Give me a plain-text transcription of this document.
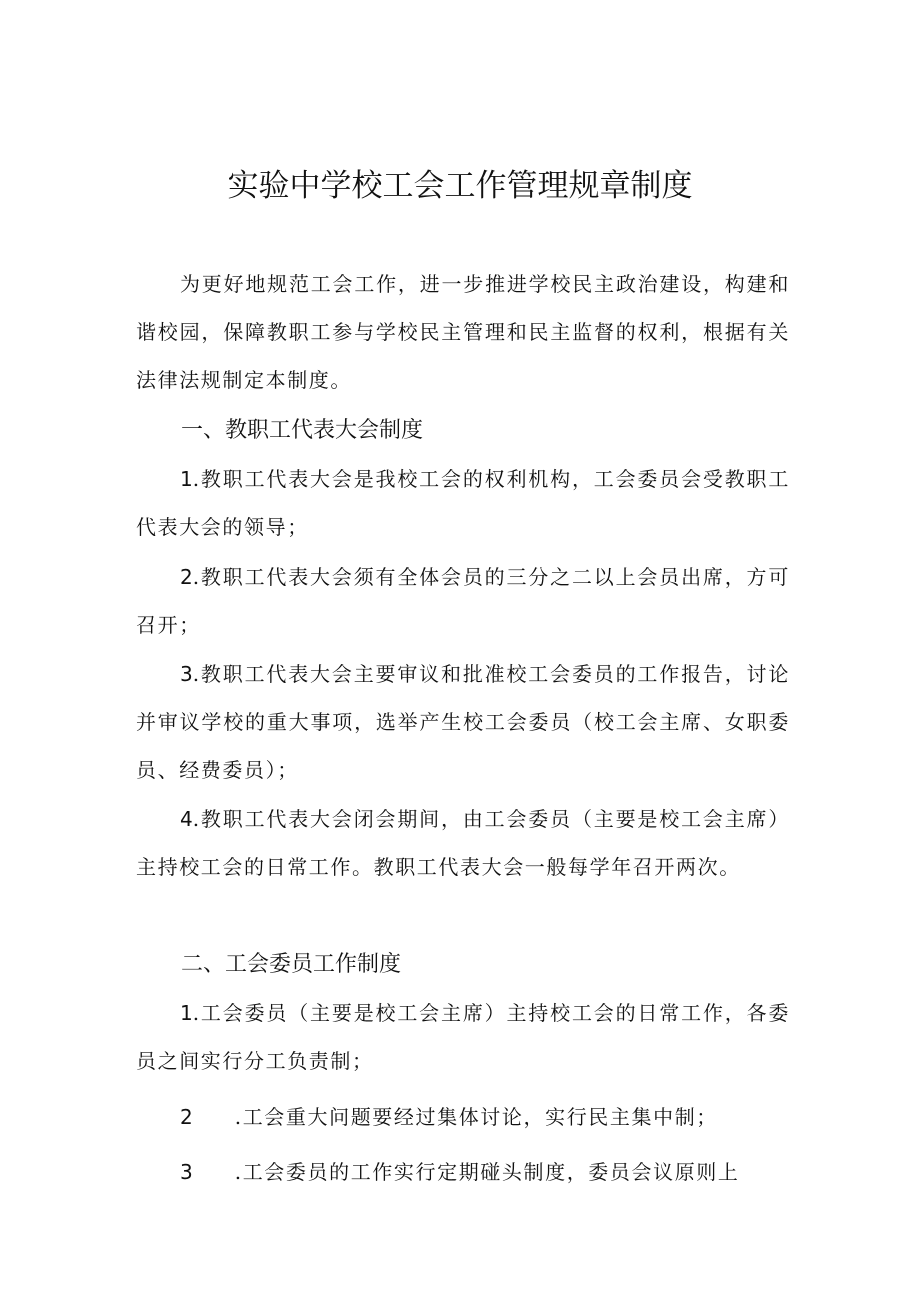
实验中学校工会工作管理规章制度

为更好地规范工会工作，进一步推进学校民主政治建设，构建和谐校园，保障教职工参与学校民主管理和民主监督的权利，根据有关法律法规制定本制度。

一、教职工代表大会制度

1.教职工代表大会是我校工会的权利机构，工会委员会受教职工代表大会的领导；

2.教职工代表大会须有全体会员的三分之二以上会员出席，方可召开；

3.教职工代表大会主要审议和批准校工会委员的工作报告，讨论并审议学校的重大事项，选举产生校工会委员（校工会主席、女职委员、经费委员）；

4.教职工代表大会闭会期间，由工会委员（主要是校工会主席）主持校工会的日常工作。教职工代表大会一般每学年召开两次。

二、工会委员工作制度

1.工会委员（主要是校工会主席）主持校工会的日常工作，各委员之间实行分工负责制；

2 .工会重大问题要经过集体讨论，实行民主集中制；

3 .工会委员的工作实行定期碰头制度，委员会议原则上
